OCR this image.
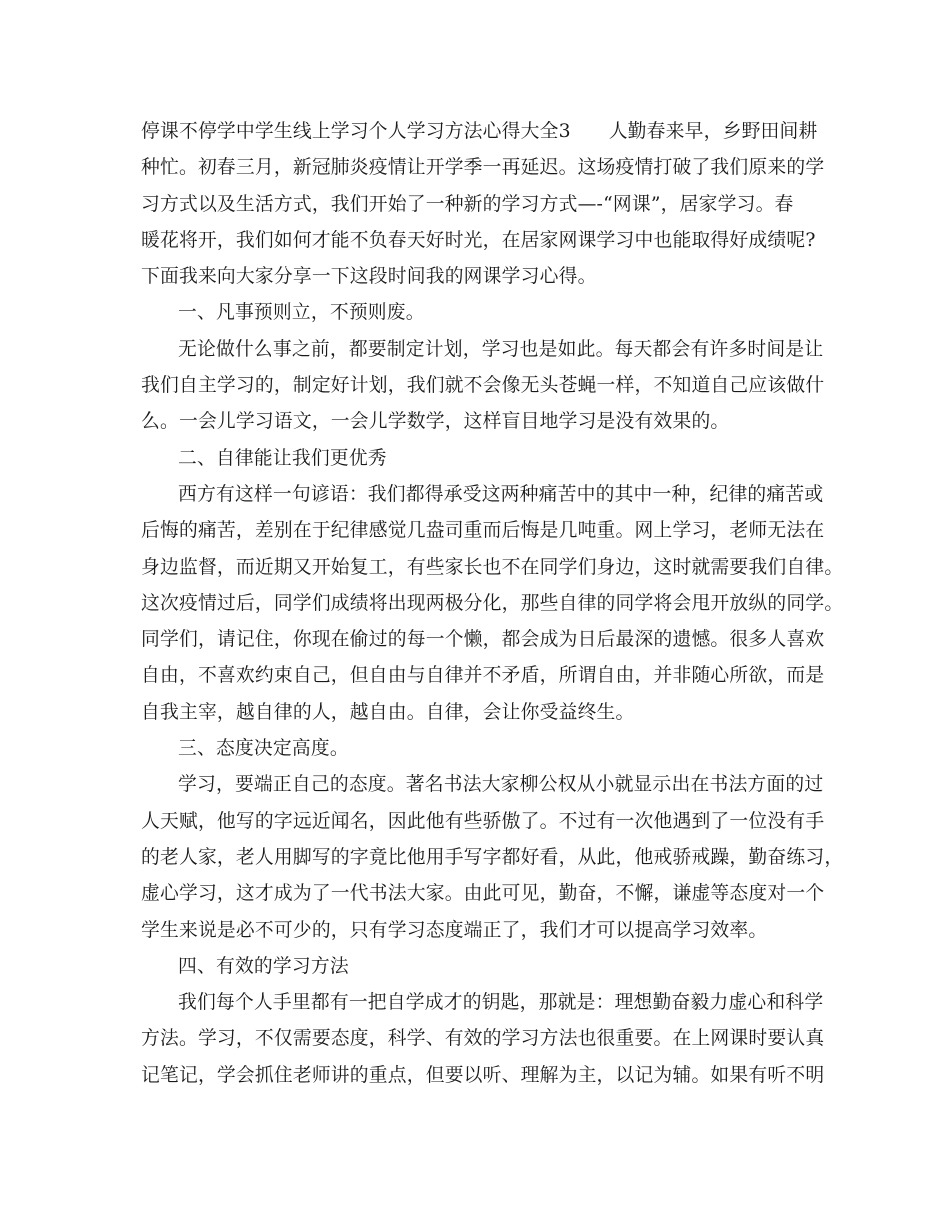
停课不停学中学生线上学习个人学习方法心得大全3　　人勤春来早，乡野田间耕
种忙。初春三月，新冠肺炎疫情让开学季一再延迟。这场疫情打破了我们原来的学
习方式以及生活方式，我们开始了一种新的学习方式—-“网课”，居家学习。春
暖花将开，我们如何才能不负春天好时光，在居家网课学习中也能取得好成绩呢?
下面我来向大家分享一下这段时间我的网课学习心得。
一、凡事预则立，不预则废。
无论做什么事之前，都要制定计划，学习也是如此。每天都会有许多时间是让
我们自主学习的，制定好计划，我们就不会像无头苍蝇一样，不知道自己应该做什
么。一会儿学习语文，一会儿学数学，这样盲目地学习是没有效果的。
二、自律能让我们更优秀
西方有这样一句谚语：我们都得承受这两种痛苦中的其中一种，纪律的痛苦或
后悔的痛苦，差别在于纪律感觉几盎司重而后悔是几吨重。网上学习，老师无法在
身边监督，而近期又开始复工，有些家长也不在同学们身边，这时就需要我们自律。
这次疫情过后，同学们成绩将出现两极分化，那些自律的同学将会甩开放纵的同学。
同学们，请记住，你现在偷过的每一个懒，都会成为日后最深的遗憾。很多人喜欢
自由，不喜欢约束自己，但自由与自律并不矛盾，所谓自由，并非随心所欲，而是
自我主宰，越自律的人，越自由。自律，会让你受益终生。
三、态度决定高度。
学习，要端正自己的态度。著名书法大家柳公权从小就显示出在书法方面的过
人天赋，他写的字远近闻名，因此他有些骄傲了。不过有一次他遇到了一位没有手
的老人家，老人用脚写的字竟比他用手写字都好看，从此，他戒骄戒躁，勤奋练习，
虚心学习，这才成为了一代书法大家。由此可见，勤奋，不懈，谦虚等态度对一个
学生来说是必不可少的，只有学习态度端正了，我们才可以提高学习效率。
四、有效的学习方法
我们每个人手里都有一把自学成才的钥匙，那就是：理想勤奋毅力虚心和科学
方法。学习，不仅需要态度，科学、有效的学习方法也很重要。在上网课时要认真
记笔记，学会抓住老师讲的重点，但要以听、理解为主，以记为辅。如果有听不明
